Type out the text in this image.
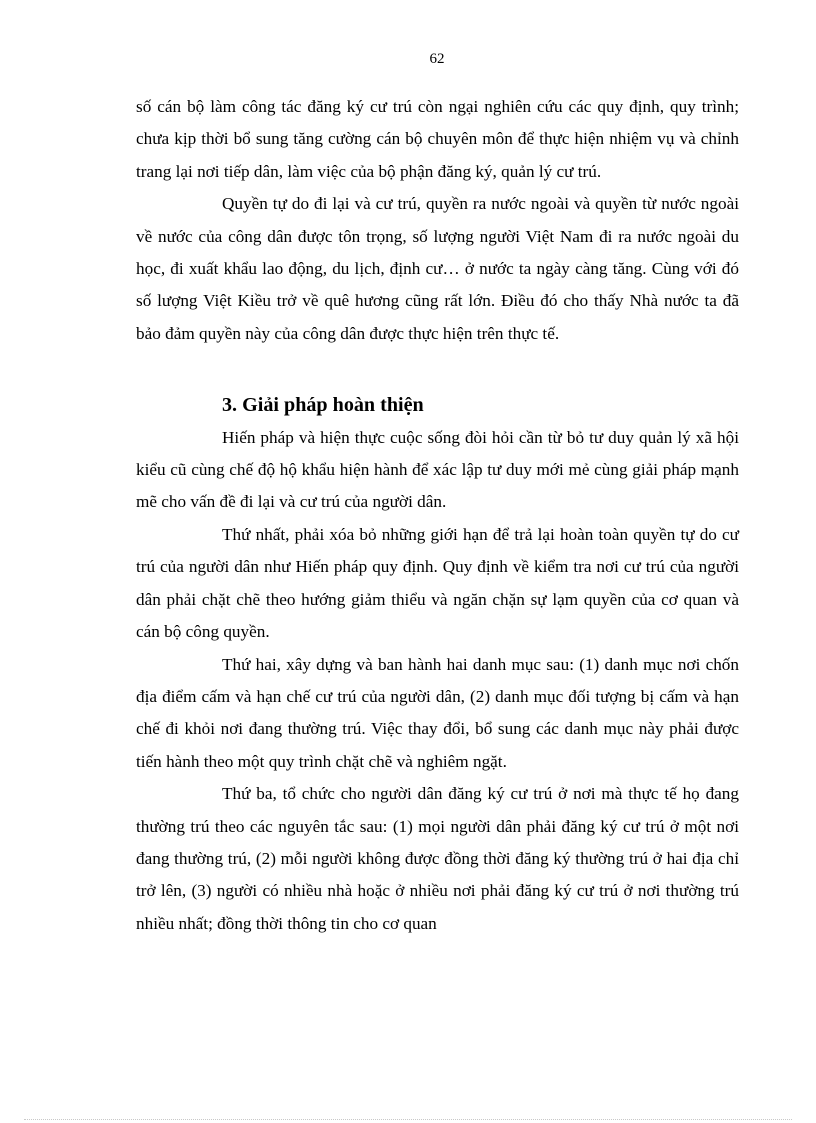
62

số cán bộ làm công tác đăng ký cư trú còn ngại nghiên cứu các quy định, quy trình; chưa kịp thời bổ sung tăng cường cán bộ chuyên môn để thực hiện nhiệm vụ và chỉnh trang lại nơi tiếp dân, làm việc của bộ phận đăng ký, quản lý cư trú.

Quyền tự do đi lại và cư trú, quyền ra nước ngoài và quyền từ nước ngoài về nước của công dân được tôn trọng, số lượng người Việt Nam đi ra nước ngoài du học, đi xuất khẩu lao động, du lịch, định cư… ở nước ta ngày càng tăng. Cùng với đó số lượng Việt Kiều trở về quê hương cũng rất lớn. Điều đó cho thấy Nhà nước ta đã bảo đảm quyền này của công dân được thực hiện trên thực tế.

3. Giải pháp hoàn thiện

Hiến pháp và hiện thực cuộc sống đòi hỏi cần từ bỏ tư duy quản lý xã hội kiểu cũ cùng chế độ hộ khẩu hiện hành để xác lập tư duy mới mẻ cùng giải pháp mạnh mẽ cho vấn đề đi lại và cư trú của người dân.

Thứ nhất, phải xóa bỏ những giới hạn để trả lại hoàn toàn quyền tự do cư trú của người dân như Hiến pháp quy định. Quy định về kiểm tra nơi cư trú của người dân phải chặt chẽ theo hướng giảm thiểu và ngăn chặn sự lạm quyền của cơ quan và cán bộ công quyền.

Thứ hai, xây dựng và ban hành hai danh mục sau: (1) danh mục nơi chốn địa điểm cấm và hạn chế cư trú của người dân, (2) danh mục đối tượng bị cấm và hạn chế đi khỏi nơi đang thường trú. Việc thay đổi, bổ sung các danh mục này phải được tiến hành theo một quy trình chặt chẽ và nghiêm ngặt.

Thứ ba, tổ chức cho người dân đăng ký cư trú ở nơi mà thực tế họ đang thường trú theo các nguyên tắc sau: (1) mọi người dân phải đăng ký cư trú ở một nơi đang thường trú, (2) mỗi người không được đồng thời đăng ký thường trú ở hai địa chỉ trở lên, (3) người có nhiều nhà hoặc ở nhiều nơi phải đăng ký cư trú ở nơi thường trú nhiều nhất; đồng thời thông tin cho cơ quan
